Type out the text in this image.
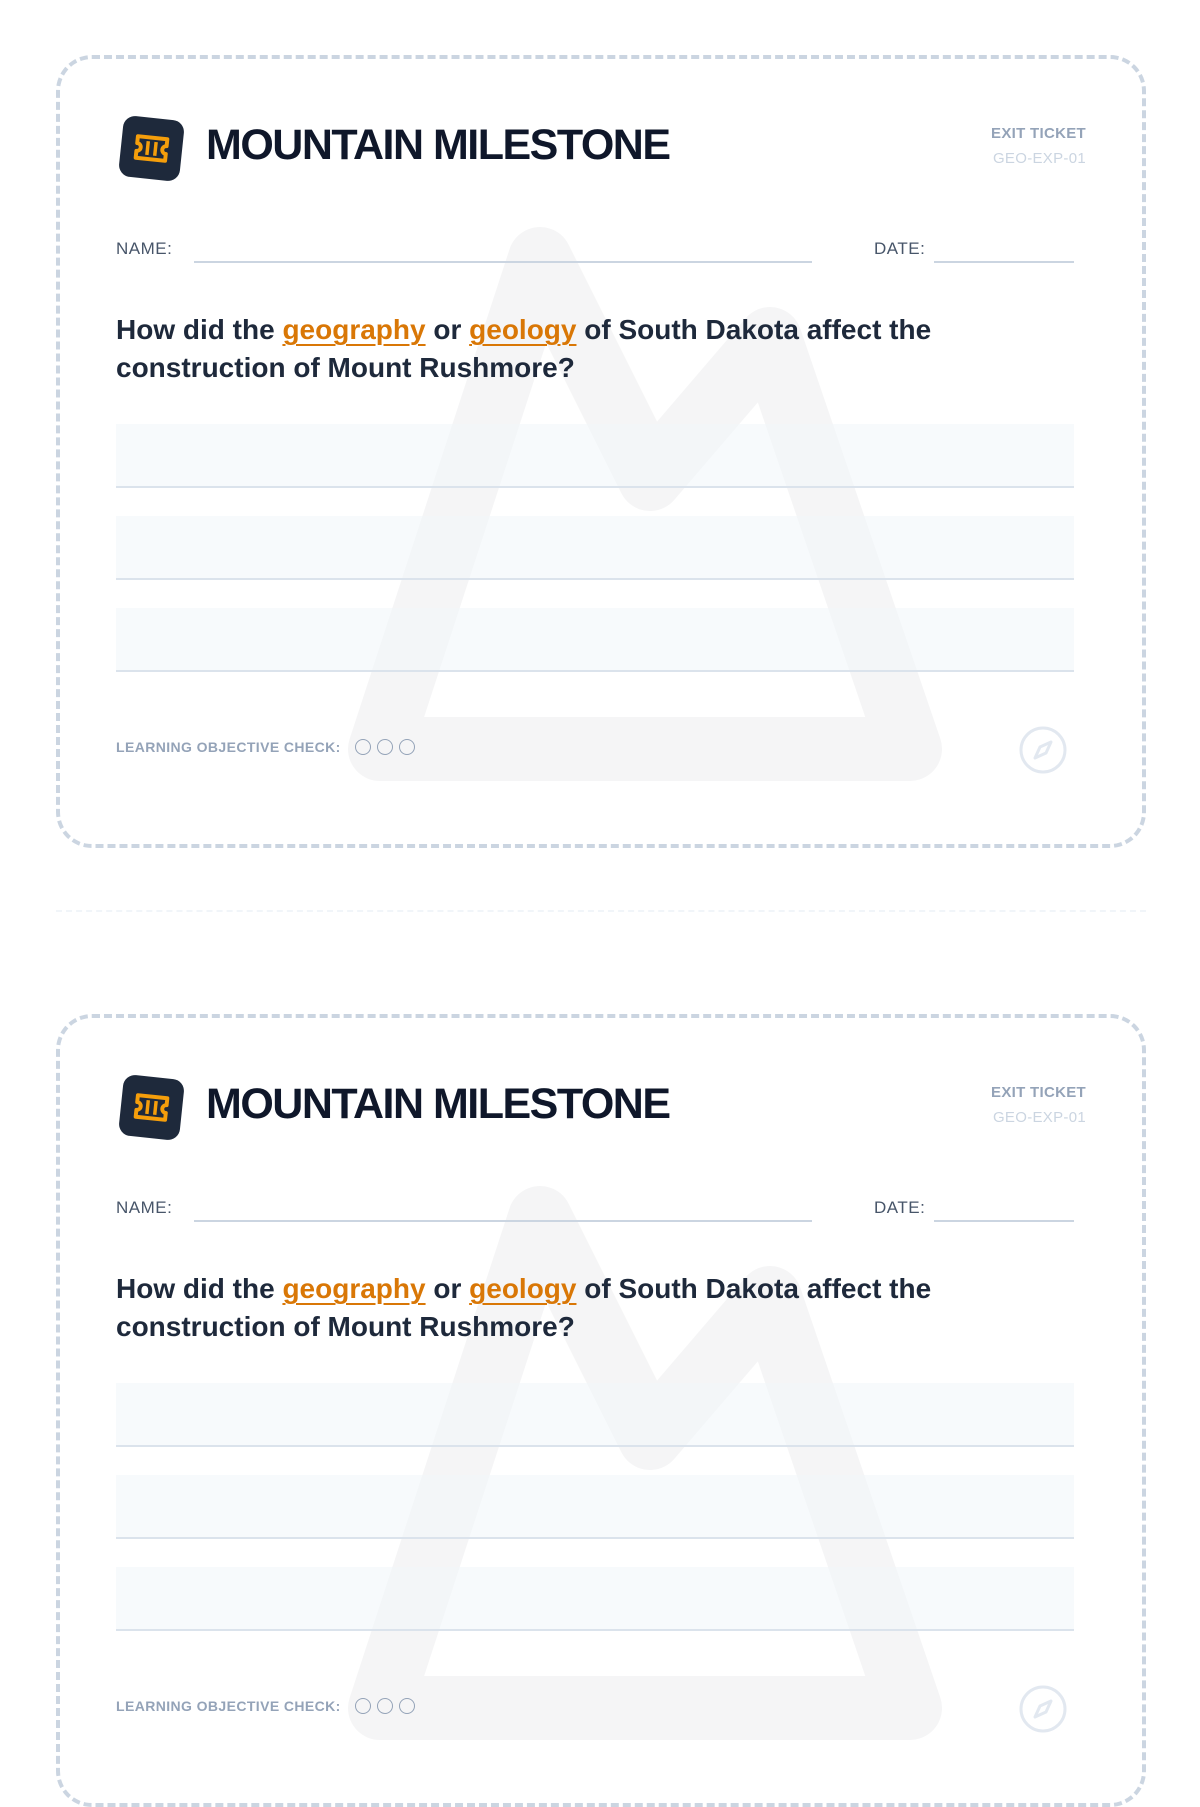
MOUNTAIN MILESTONE	EXIT TICKET
GEO-EXP-01
NAME:	DATE:
How did the geography or geology of South Dakota affect the construction of Mount Rushmore?
LEARNING OBJECTIVE CHECK:
MOUNTAIN MILESTONE	EXIT TICKET
GEO-EXP-01
NAME:	DATE:
How did the geography or geology of South Dakota affect the construction of Mount Rushmore?
LEARNING OBJECTIVE CHECK:
